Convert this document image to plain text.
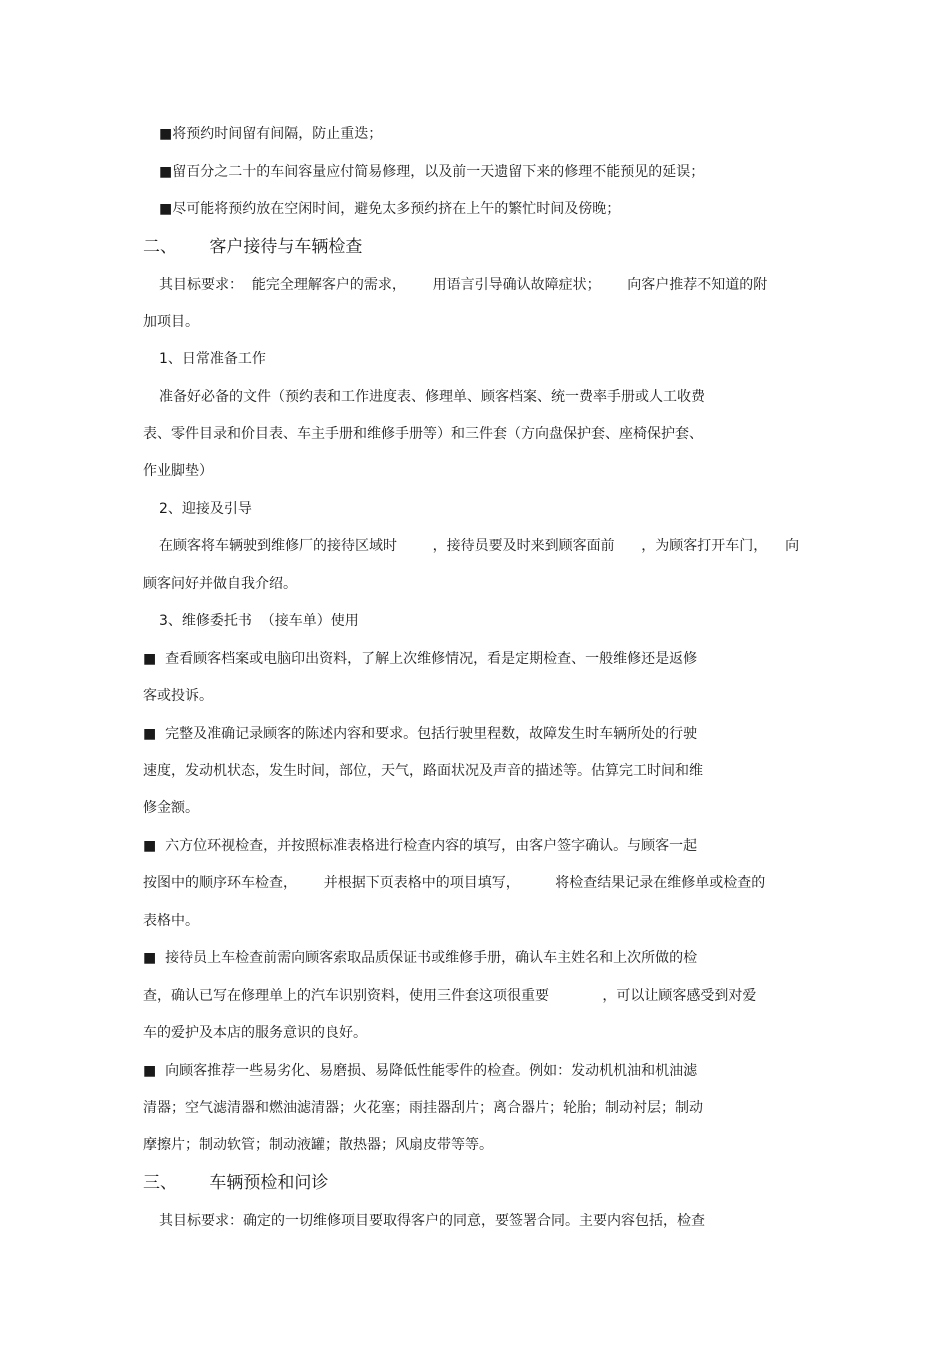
■将预约时间留有间隔，防止重迭；
■留百分之二十的车间容量应付简易修理，以及前一天遗留下来的修理不能预见的延误；
■尽可能将预约放在空闲时间，避免太多预约挤在上午的繁忙时间及傍晚；
二、      客户接待与车辆检查
其目标要求：  能完全理解客户的需求，      用语言引导确认故障症状；      向客户推荐不知道的附
加项目。
1、日常准备工作
准备好必备的文件（预约表和工作进度表、修理单、顾客档案、统一费率手册或人工收费
表、零件目录和价目表、车主手册和维修手册等）和三件套（方向盘保护套、座椅保护套、
作业脚垫）
2、迎接及引导
在顾客将车辆驶到维修厂的接待区域时        ，接待员要及时来到顾客面前      ，为顾客打开车门，    向
顾客问好并做自我介绍。
3、维修委托书  （接车单）使用
■  查看顾客档案或电脑印出资料，了解上次维修情况，看是定期检查、一般维修还是返修
客或投诉。
■  完整及准确记录顾客的陈述内容和要求。包括行驶里程数，故障发生时车辆所处的行驶
速度，发动机状态，发生时间，部位，天气，路面状况及声音的描述等。估算完工时间和维
修金额。
■  六方位环视检查，并按照标准表格进行检查内容的填写，由客户签字确认。与顾客一起
按图中的顺序环车检查，      并根据下页表格中的项目填写，        将检查结果记录在维修单或检查的
表格中。
■  接待员上车检查前需向顾客索取品质保证书或维修手册，确认车主姓名和上次所做的检
查，确认已写在修理单上的汽车识别资料，使用三件套这项很重要            ，可以让顾客感受到对爱
车的爱护及本店的服务意识的良好。
■  向顾客推荐一些易劣化、易磨损、易降低性能零件的检查。例如：发动机机油和机油滤
清器；空气滤清器和燃油滤清器；火花塞；雨挂器刮片；离合器片；轮胎；制动衬层；制动
摩擦片；制动软管；制动液罐；散热器；风扇皮带等等。
三、      车辆预检和问诊
其目标要求：确定的一切维修项目要取得客户的同意，要签署合同。主要内容包括，检查
